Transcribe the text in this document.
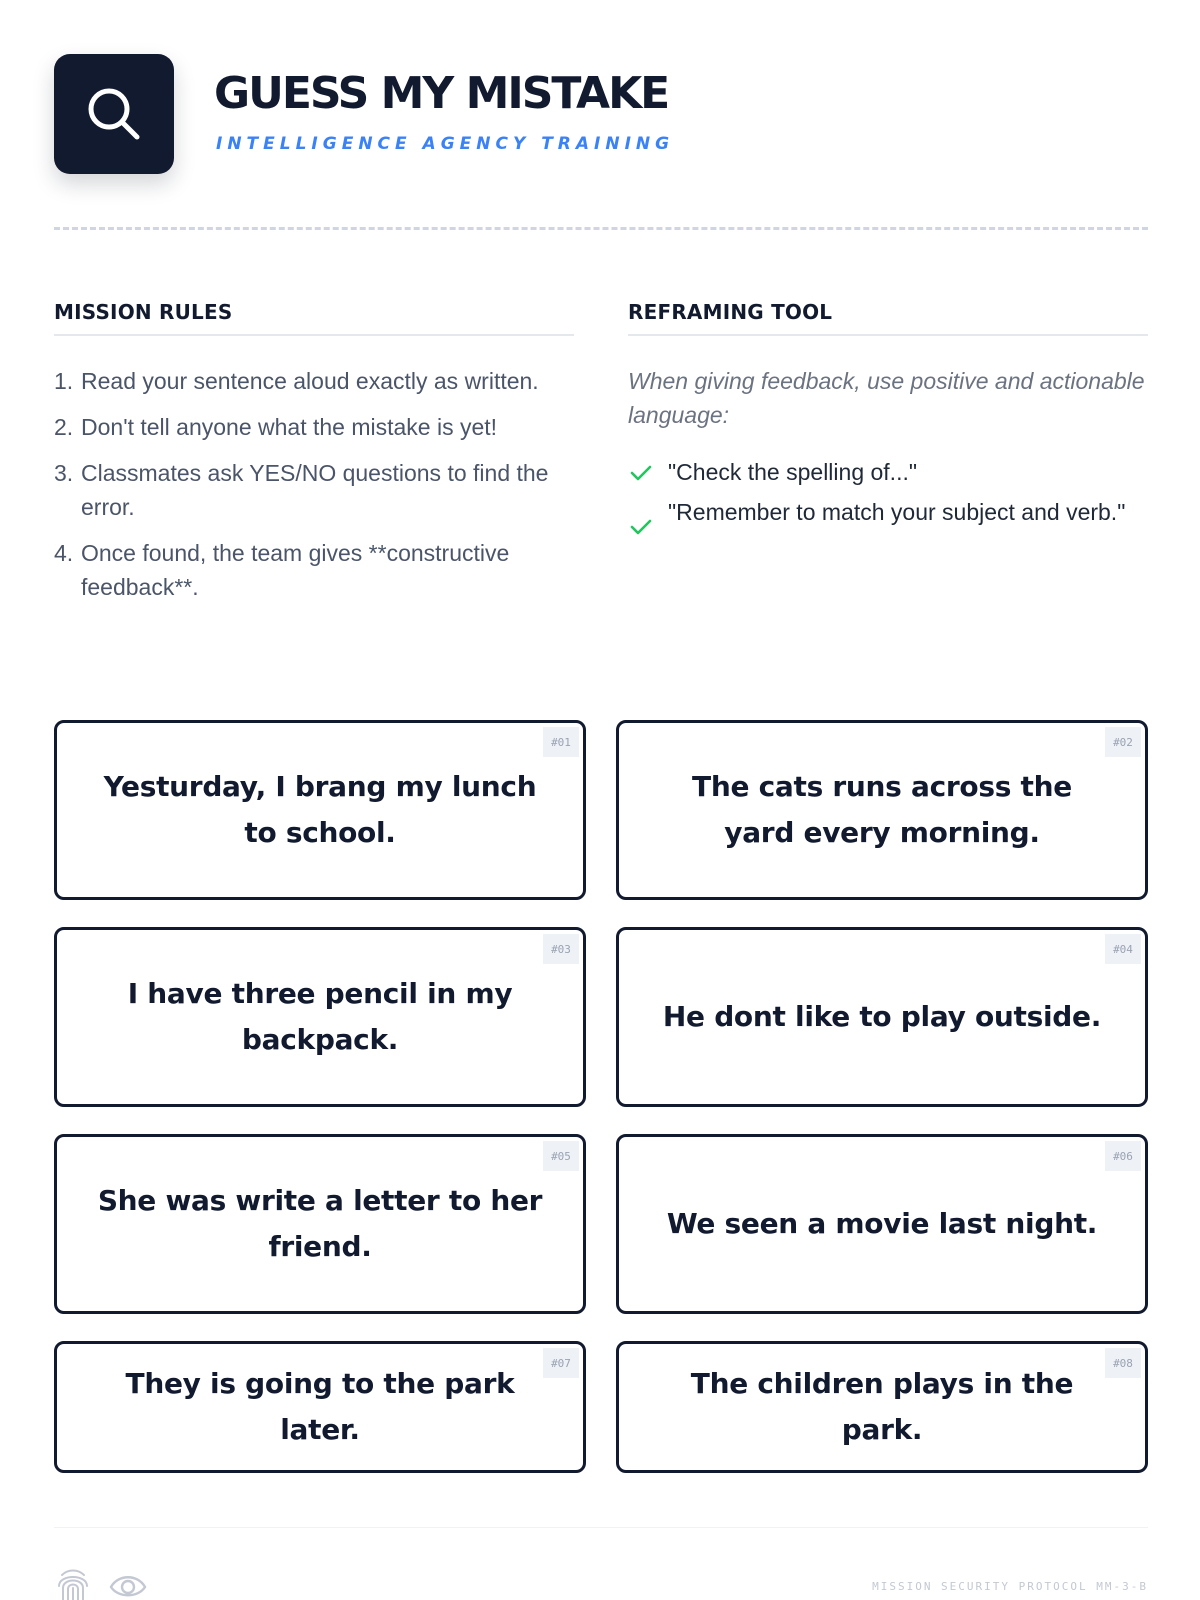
GUESS MY MISTAKE
INTELLIGENCE AGENCY TRAINING
MISSION RULES
1. Read your sentence aloud exactly as written.
2. Don't tell anyone what the mistake is yet!
3. Classmates ask YES/NO questions to find the error.
4. Once found, the team gives **constructive feedback**.
REFRAMING TOOL

When giving feedback, use positive and actionable language:

"Check the spelling of..."
"Remember to match your subject and verb."
#01
Yesturday, I brang my lunch to school.
#02
The cats runs across the yard every morning.
#03
I have three pencil in my backpack.
#04
He dont like to play outside.
#05
She was write a letter to her friend.
#06
We seen a movie last night.
#07
They is going to the park later.
#08
The children plays in the park.
MISSION SECURITY PROTOCOL MM-3-B
